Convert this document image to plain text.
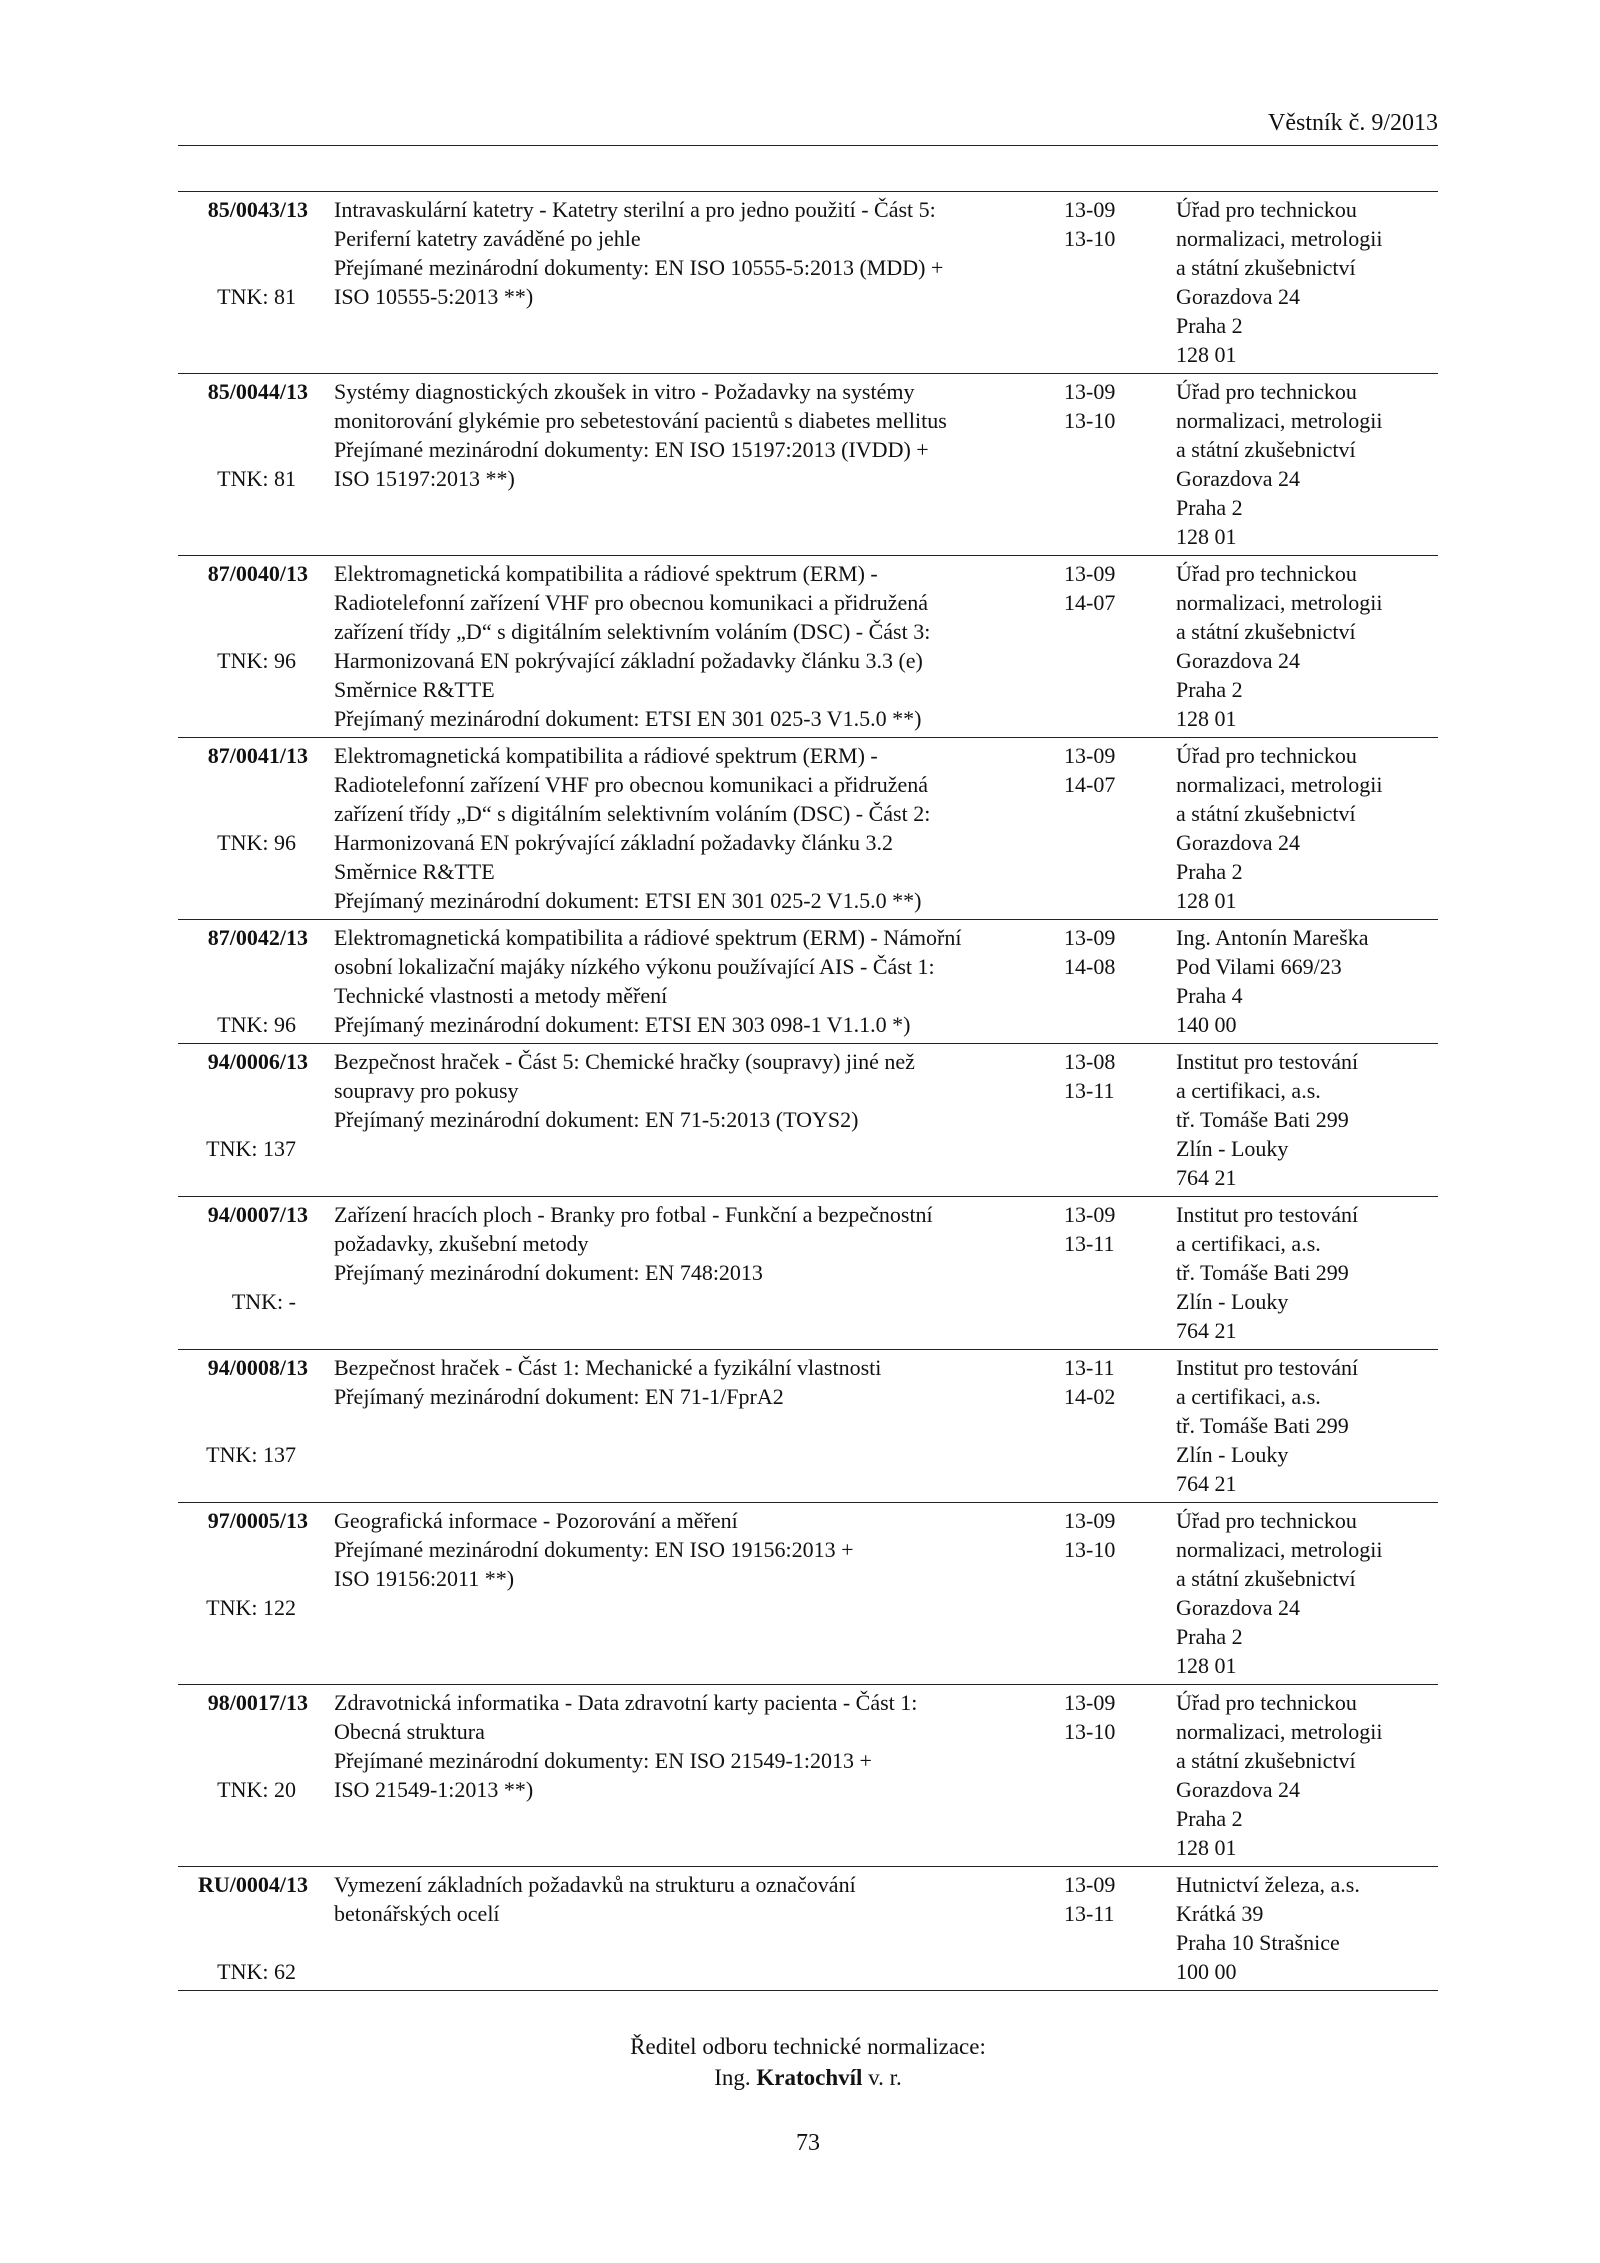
Věstník č. 9/2013
85/0043/13
TNK: 81
Intravaskulární katetry - Katetry sterilní a pro jedno použití - Část 5:
Periferní katetry zaváděné po jehle
Přejímané mezinárodní dokumenty: EN ISO 10555-5:2013 (MDD) +
ISO 10555-5:2013 **)
13-09
13-10
Úřad pro technickou
normalizaci, metrologii
a státní zkušebnictví
Gorazdova 24
Praha 2
128 01
85/0044/13
TNK: 81
Systémy diagnostických zkoušek in vitro - Požadavky na systémy
monitorování glykémie pro sebetestování pacientů s diabetes mellitus
Přejímané mezinárodní dokumenty: EN ISO 15197:2013 (IVDD) +
ISO 15197:2013 **)
13-09
13-10
Úřad pro technickou
normalizaci, metrologii
a státní zkušebnictví
Gorazdova 24
Praha 2
128 01
87/0040/13
TNK: 96
Elektromagnetická kompatibilita a rádiové spektrum (ERM) -
Radiotelefonní zařízení VHF pro obecnou komunikaci a přidružená
zařízení třídy „D“ s digitálním selektivním voláním (DSC) - Část 3:
Harmonizovaná EN pokrývající základní požadavky článku 3.3 (e)
Směrnice R&TTE
Přejímaný mezinárodní dokument: ETSI EN 301 025-3 V1.5.0 **)
13-09
14-07
Úřad pro technickou
normalizaci, metrologii
a státní zkušebnictví
Gorazdova 24
Praha 2
128 01
87/0041/13
TNK: 96
Elektromagnetická kompatibilita a rádiové spektrum (ERM) -
Radiotelefonní zařízení VHF pro obecnou komunikaci a přidružená
zařízení třídy „D“ s digitálním selektivním voláním (DSC) - Část 2:
Harmonizovaná EN pokrývající základní požadavky článku 3.2
Směrnice R&TTE
Přejímaný mezinárodní dokument: ETSI EN 301 025-2 V1.5.0 **)
13-09
14-07
Úřad pro technickou
normalizaci, metrologii
a státní zkušebnictví
Gorazdova 24
Praha 2
128 01
87/0042/13
TNK: 96
Elektromagnetická kompatibilita a rádiové spektrum (ERM) - Námořní
osobní lokalizační majáky nízkého výkonu používající AIS - Část 1:
Technické vlastnosti a metody měření
Přejímaný mezinárodní dokument: ETSI EN 303 098-1 V1.1.0 *)
13-09
14-08
Ing. Antonín Mareška
Pod Vilami 669/23
Praha 4
140 00
94/0006/13
TNK: 137
Bezpečnost hraček - Část 5: Chemické hračky (soupravy) jiné než
soupravy pro pokusy
Přejímaný mezinárodní dokument: EN 71-5:2013 (TOYS2)
13-08
13-11
Institut pro testování
a certifikaci, a.s.
tř. Tomáše Bati 299
Zlín - Louky
764 21
94/0007/13
TNK: -
Zařízení hracích ploch - Branky pro fotbal - Funkční a bezpečnostní
požadavky, zkušební metody
Přejímaný mezinárodní dokument: EN 748:2013
13-09
13-11
Institut pro testování
a certifikaci, a.s.
tř. Tomáše Bati 299
Zlín - Louky
764 21
94/0008/13
TNK: 137
Bezpečnost hraček - Část 1: Mechanické a fyzikální vlastnosti
Přejímaný mezinárodní dokument: EN 71-1/FprA2
13-11
14-02
Institut pro testování
a certifikaci, a.s.
tř. Tomáše Bati 299
Zlín - Louky
764 21
97/0005/13
TNK: 122
Geografická informace - Pozorování a měření
Přejímané mezinárodní dokumenty: EN ISO 19156:2013 +
ISO 19156:2011 **)
13-09
13-10
Úřad pro technickou
normalizaci, metrologii
a státní zkušebnictví
Gorazdova 24
Praha 2
128 01
98/0017/13
TNK: 20
Zdravotnická informatika - Data zdravotní karty pacienta - Část 1:
Obecná struktura
Přejímané mezinárodní dokumenty: EN ISO 21549-1:2013 +
ISO 21549-1:2013 **)
13-09
13-10
Úřad pro technickou
normalizaci, metrologii
a státní zkušebnictví
Gorazdova 24
Praha 2
128 01
RU/0004/13
TNK: 62
Vymezení základních požadavků na strukturu a označování
betonářských ocelí
13-09
13-11
Hutnictví železa, a.s.
Krátká 39
Praha 10 Strašnice
100 00
Ředitel odboru technické normalizace:
Ing. Kratochvíl v. r.
73
